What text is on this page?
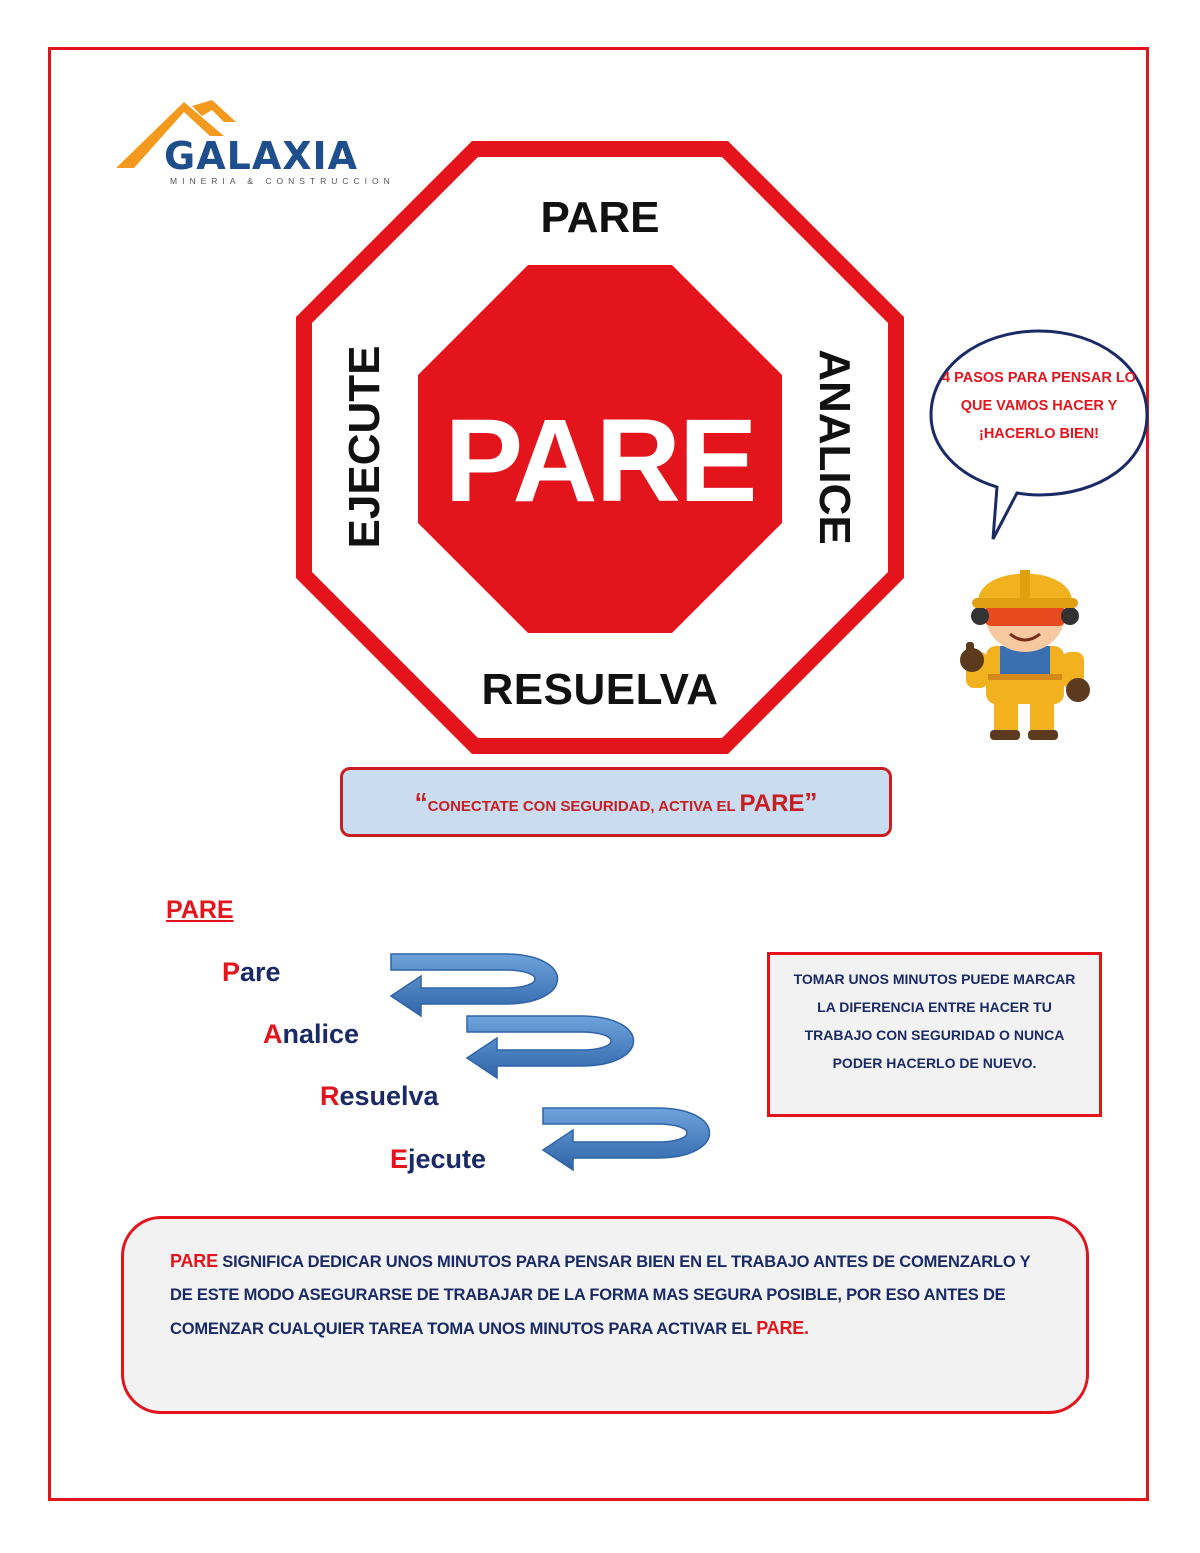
GALAXIA
MINERIA & CONSTRUCCION
PARE
EJECUTE	ANALICE
RESUELVA
PARE
4 PASOS PARA PENSAR LO QUE VAMOS HACER Y ¡HACERLO BIEN!
“CONECTATE CON SEGURIDAD, ACTIVA EL PARE”
PARE
Pare
Analice
Resuelva
Ejecute
TOMAR UNOS MINUTOS PUEDE MARCAR LA DIFERENCIA ENTRE HACER TU TRABAJO CON SEGURIDAD O NUNCA PODER HACERLO DE NUEVO.
PARE SIGNIFICA DEDICAR UNOS MINUTOS PARA PENSAR BIEN EN EL TRABAJO ANTES DE COMENZARLO Y DE ESTE MODO ASEGURARSE DE TRABAJAR DE LA FORMA MAS SEGURA POSIBLE, POR ESO ANTES DE COMENZAR CUALQUIER TAREA TOMA UNOS MINUTOS PARA ACTIVAR EL PARE.
